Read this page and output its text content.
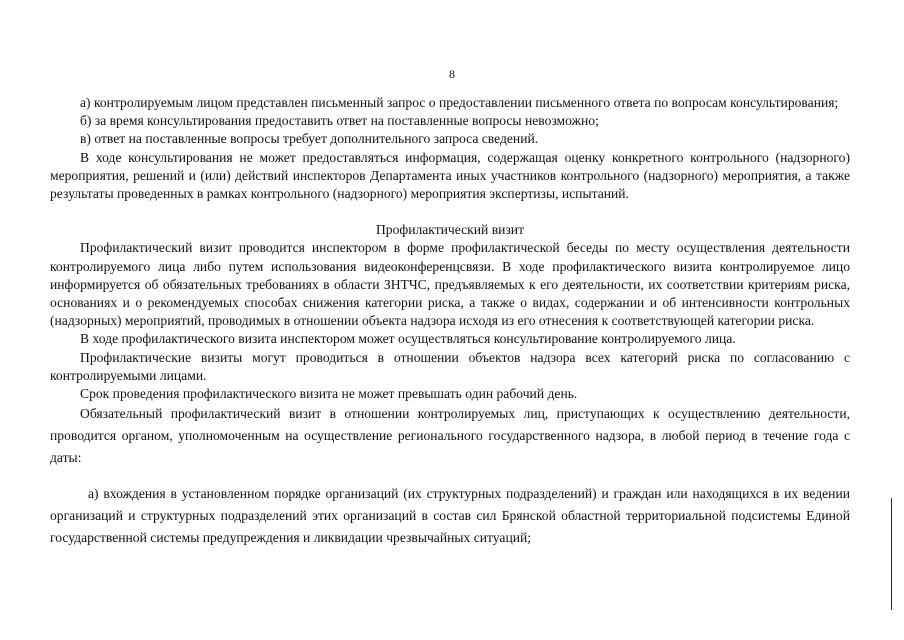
8

а) контролируемым лицом представлен письменный запрос о предоставлении письменного ответа по вопросам консультирования;

б) за время консультирования предоставить ответ на поставленные вопросы невозможно;

в) ответ на поставленные вопросы требует дополнительного запроса сведений.

В ходе консультирования не может предоставляться информация, содержащая оценку конкретного контрольного (надзорного) мероприятия, решений и (или) действий инспекторов Департамента иных участников контрольного (надзорного) мероприятия, а также результаты проведенных в рамках контрольного (надзорного) мероприятия экспертизы, испытаний.

Профилактический визит

Профилактический визит проводится инспектором в форме профилактической беседы по месту осуществления деятельности контролируемого лица либо путем использования видеоконференцсвязи. В ходе профилактического визита контролируемое лицо информируется об обязательных требованиях в области ЗНТЧС, предъявляемых к его деятельности, их соответствии критериям риска, основаниях и о рекомендуемых способах снижения категории риска, а также о видах, содержании и об интенсивности контрольных (надзорных) мероприятий, проводимых в отношении объекта надзора исходя из его отнесения к соответствующей категории риска.

В ходе профилактического визита инспектором может осуществляться консультирование контролируемого лица.

Профилактические визиты могут проводиться в отношении объектов надзора всех категорий риска по согласованию с контролируемыми лицами.

Срок проведения профилактического визита не может превышать один рабочий день.

Обязательный профилактический визит в отношении контролируемых лиц, приступающих к осуществлению деятельности, проводится органом, уполномоченным на осуществление регионального государственного надзора, в любой период в течение года с даты:

а) вхождения в установленном порядке организаций (их структурных подразделений) и граждан или находящихся в их ведении организаций и структурных подразделений этих организаций в состав сил Брянской областной территориальной подсистемы Единой государственной системы предупреждения и ликвидации чрезвычайных ситуаций;
